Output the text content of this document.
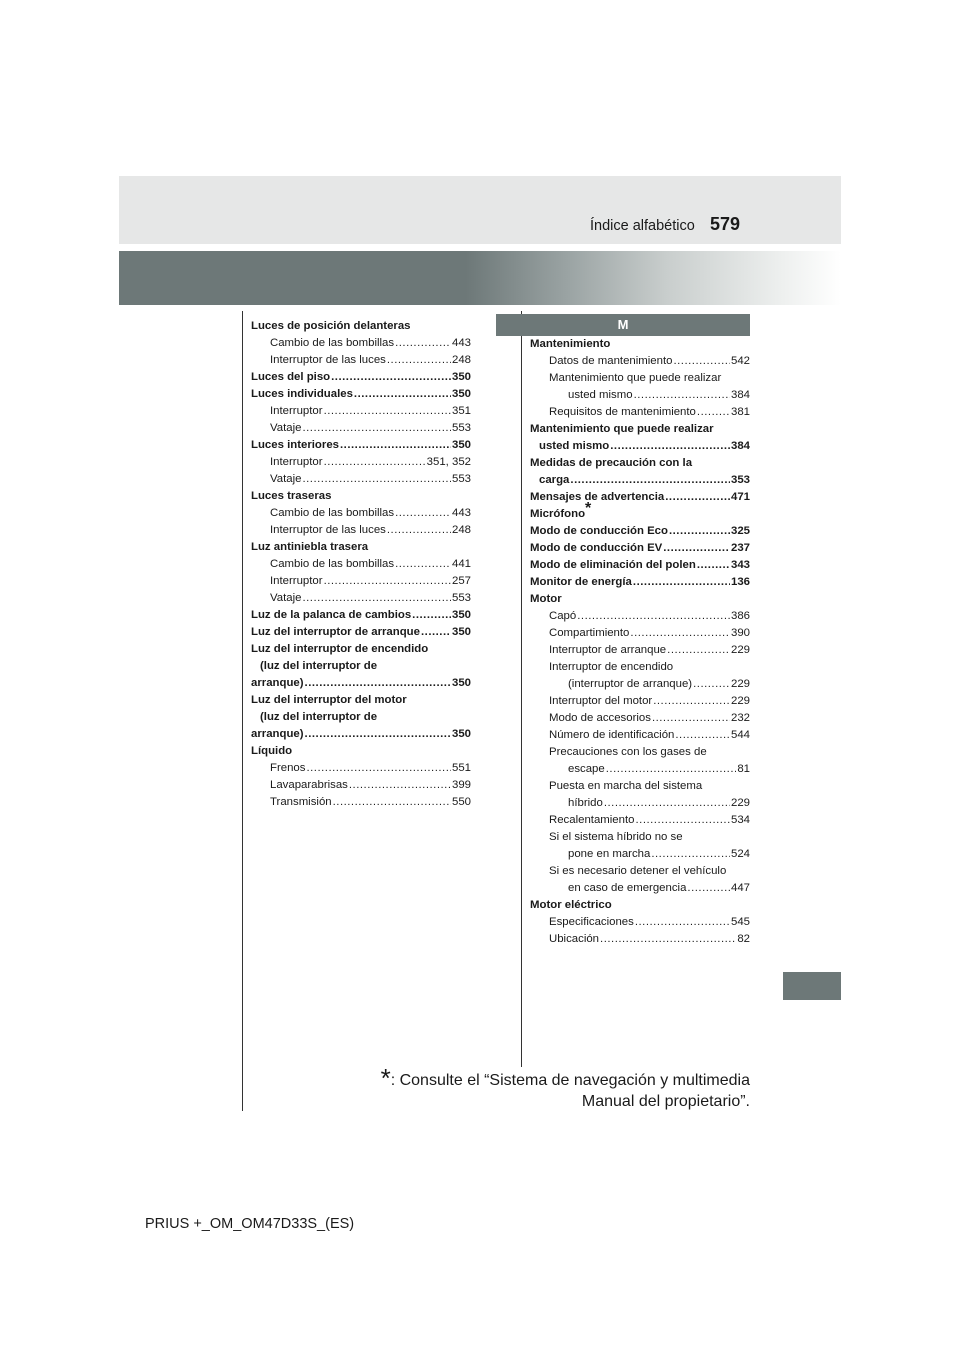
Índice alfabético 579
Luces de posición delanteras
Cambio de las bombillas .....	443
Interruptor de las luces .....	248
Luces del piso .....	350
Luces individuales .....	350
Interruptor .....	351
Vataje .....	553
Luces interiores .....	350
Interruptor .....	351, 352
Vataje .....	553
Luces traseras
Cambio de las bombillas .....	443
Interruptor de las luces .....	248
Luz antiniebla trasera
Cambio de las bombillas .....	441
Interruptor .....	257
Vataje .....	553
Luz de la palanca de cambios .....	350
Luz del interruptor de arranque .....	350
Luz del interruptor de encendido
(luz del interruptor de
arranque) .....	350
Luz del interruptor del motor
(luz del interruptor de
arranque) .....	350
Líquido
Frenos .....	551
Lavaparabrisas .....	399
Transmisión .....	550
M
Mantenimiento
Datos de mantenimiento .....	542
Mantenimiento que puede realizar
usted mismo .....	384
Requisitos de mantenimiento .....	381
Mantenimiento que puede realizar
usted mismo .....	384
Medidas de precaución con la
carga .....	353
Mensajes de advertencia .....	471
Micrófono*
Modo de conducción Eco .....	325
Modo de conducción EV .....	237
Modo de eliminación del polen .....	343
Monitor de energía .....	136
Motor
Capó .....	386
Compartimiento .....	390
Interruptor de arranque .....	229
Interruptor de encendido
(interruptor de arranque) .....	229
Interruptor del motor .....	229
Modo de accesorios .....	232
Número de identificación .....	544
Precauciones con los gases de
escape .....	81
Puesta en marcha del sistema
híbrido .....	229
Recalentamiento .....	534
Si el sistema híbrido no se
pone en marcha .....	524
Si es necesario detener el vehículo
en caso de emergencia .....	447
Motor eléctrico
Especificaciones .....	545
Ubicación .....	82
*: Consulte el “Sistema de navegación y multimedia
Manual del propietario”.
PRIUS +_OM_OM47D33S_(ES)
